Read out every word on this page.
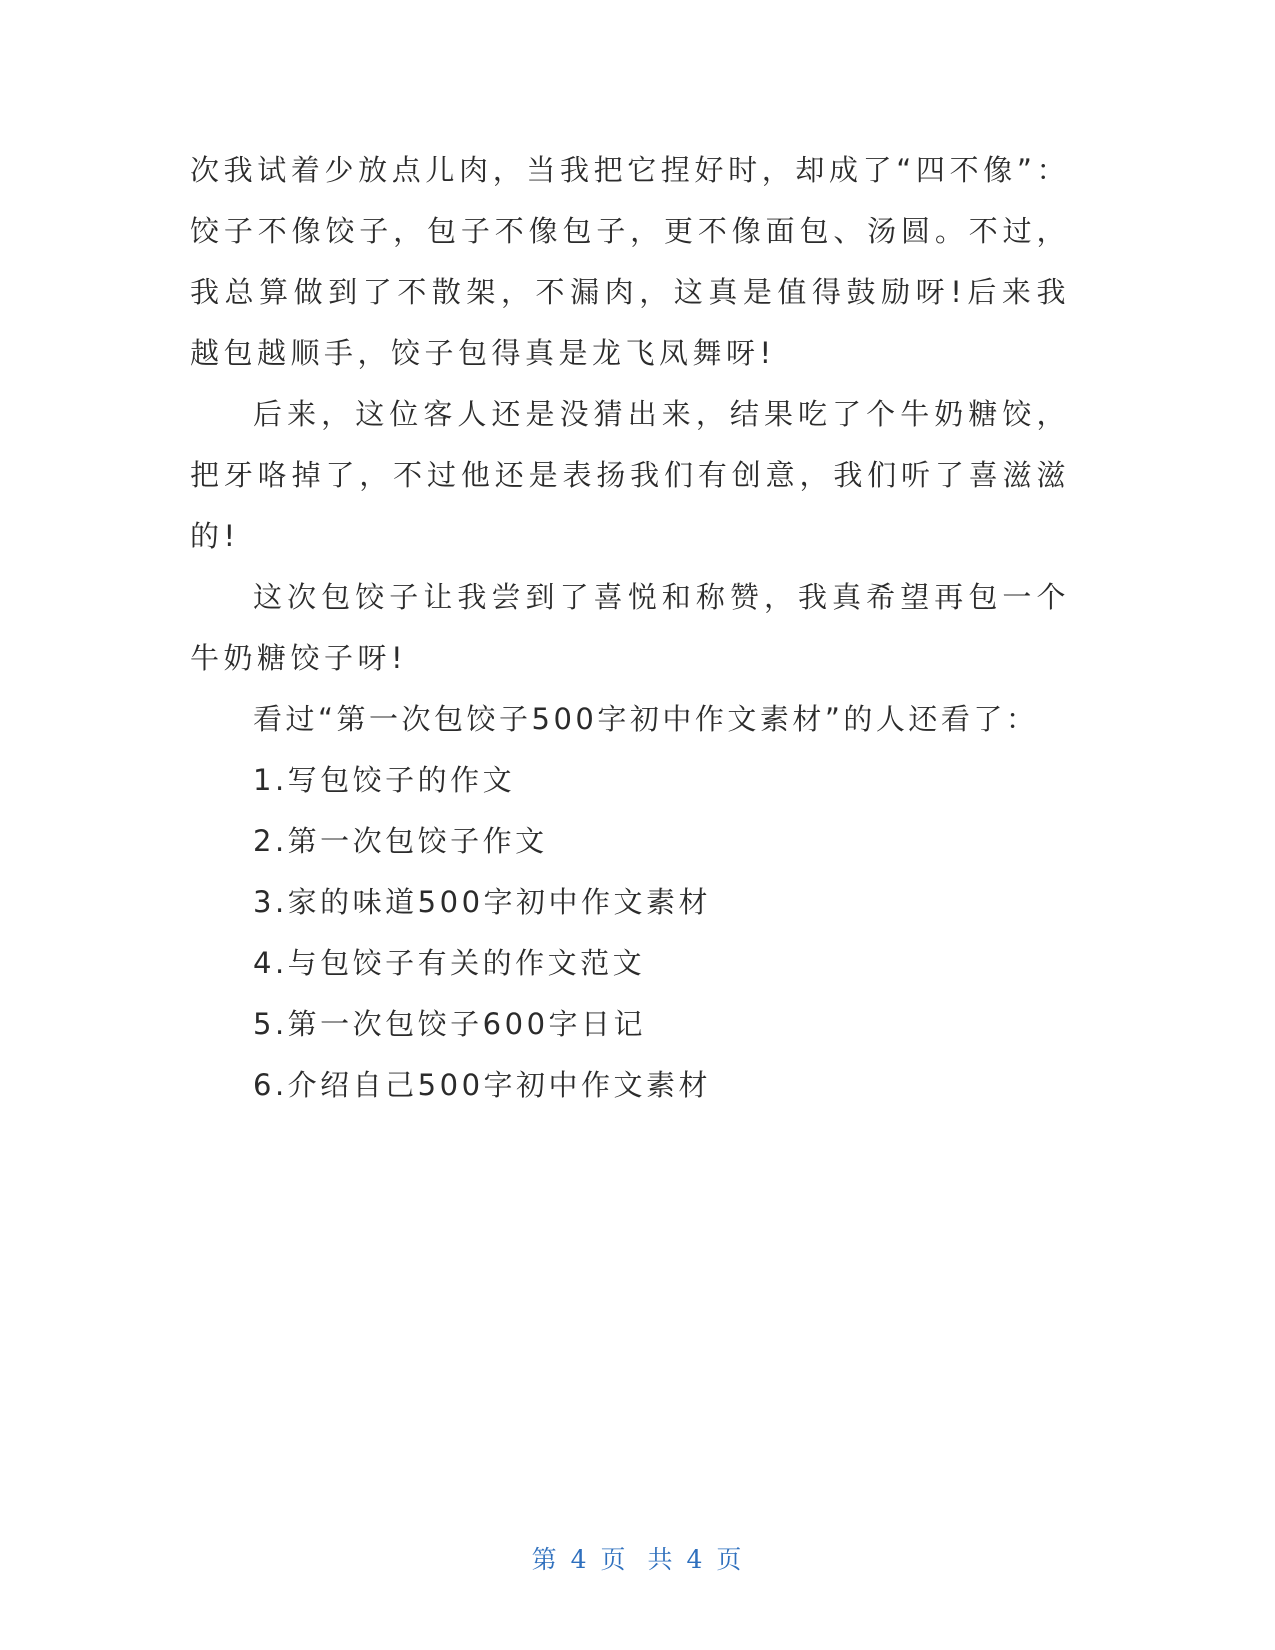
次我试着少放点儿肉，当我把它捏好时，却成了“四不像”：饺子不像饺子，包子不像包子，更不像面包、汤圆。不过，我总算做到了不散架，不漏肉，这真是值得鼓励呀!后来我越包越顺手，饺子包得真是龙飞凤舞呀!

后来，这位客人还是没猜出来，结果吃了个牛奶糖饺，把牙咯掉了，不过他还是表扬我们有创意，我们听了喜滋滋的!

这次包饺子让我尝到了喜悦和称赞，我真希望再包一个牛奶糖饺子呀!

看过“第一次包饺子500字初中作文素材”的人还看了：

1.写包饺子的作文
2.第一次包饺子作文
3.家的味道500字初中作文素材
4.与包饺子有关的作文范文
5.第一次包饺子600字日记
6.介绍自己500字初中作文素材
第 4 页 共 4 页
